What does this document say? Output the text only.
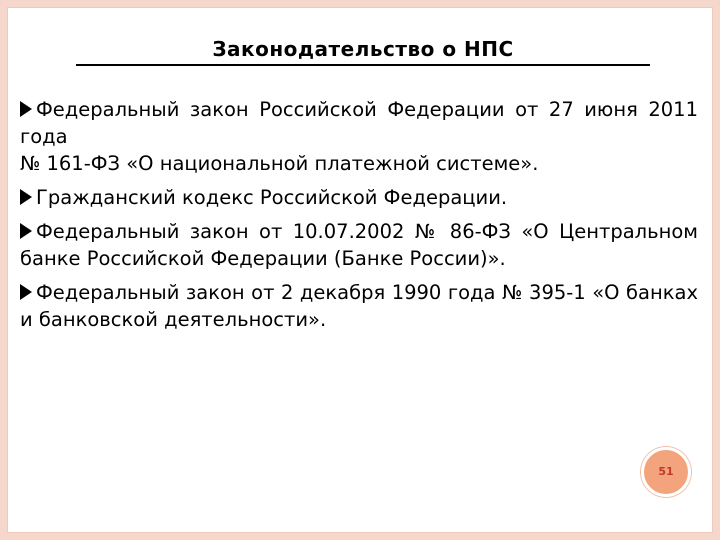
Законодательство о НПС
Федеральный закон Российской Федерации от 27 июня 2011 года
№ 161-ФЗ «О национальной платежной системе».
Гражданский кодекс Российской Федерации.
Федеральный закон от 10.07.2002 № 86-ФЗ «О Центральном банке Российской Федерации (Банке России)».
Федеральный закон от 2 декабря 1990 года № 395-1 «О банках и банковской деятельности».
51
